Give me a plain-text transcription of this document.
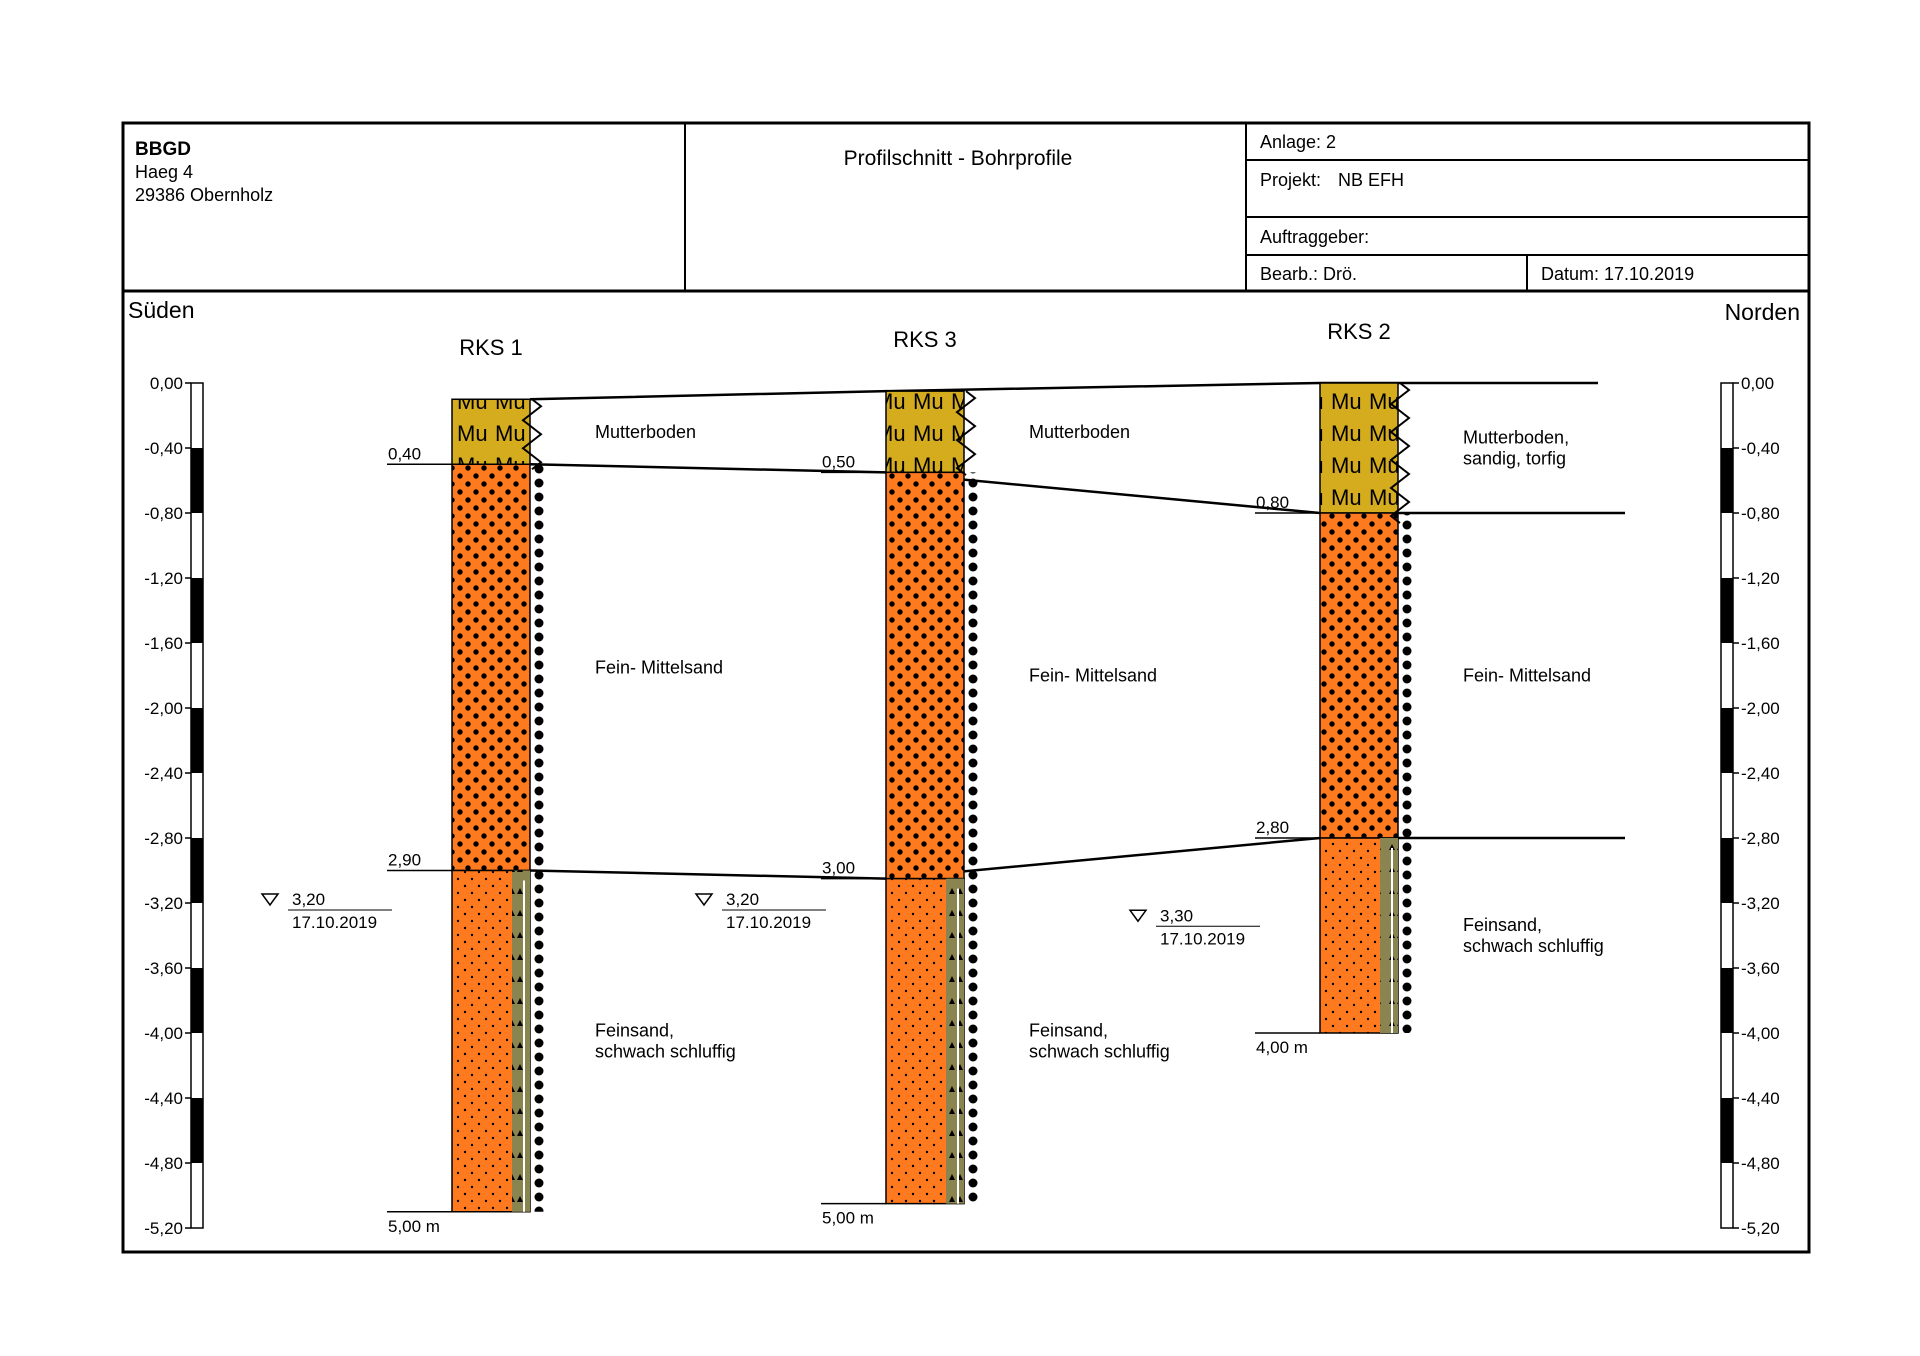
BBGD
Haeg 4
29386 Obernholz
Profilschnitt - Bohrprofile
Anlage: 2
Projekt: NB EFH
Auftraggeber:
Bearb.: Drö.	Datum: 17.10.2019
Süden	Norden
0,00
-0,40
-0,80
-1,20
-1,60
-2,00
-2,40
-2,80
-3,20
-3,60
-4,00
-4,40
-4,80
-5,20
0,00
-0,40
-0,80
-1,20
-1,60
-2,00
-2,40
-2,80
-3,20
-3,60
-4,00
-4,40
-4,80
-5,20
RKS 1
0,40
Mutterboden
2,90
Fein- Mittelsand
5,00 m
Feinsand,
schwach schluffig
3,20
17.10.2019
RKS 3
0,50
Mutterboden
3,00
Fein- Mittelsand
5,00 m
Feinsand,
schwach schluffig
3,20
17.10.2019
RKS 2
0,80
Mutterboden,
sandig, torfig
2,80
Fein- Mittelsand
4,00 m
Feinsand,
schwach schluffig
3,30
17.10.2019
